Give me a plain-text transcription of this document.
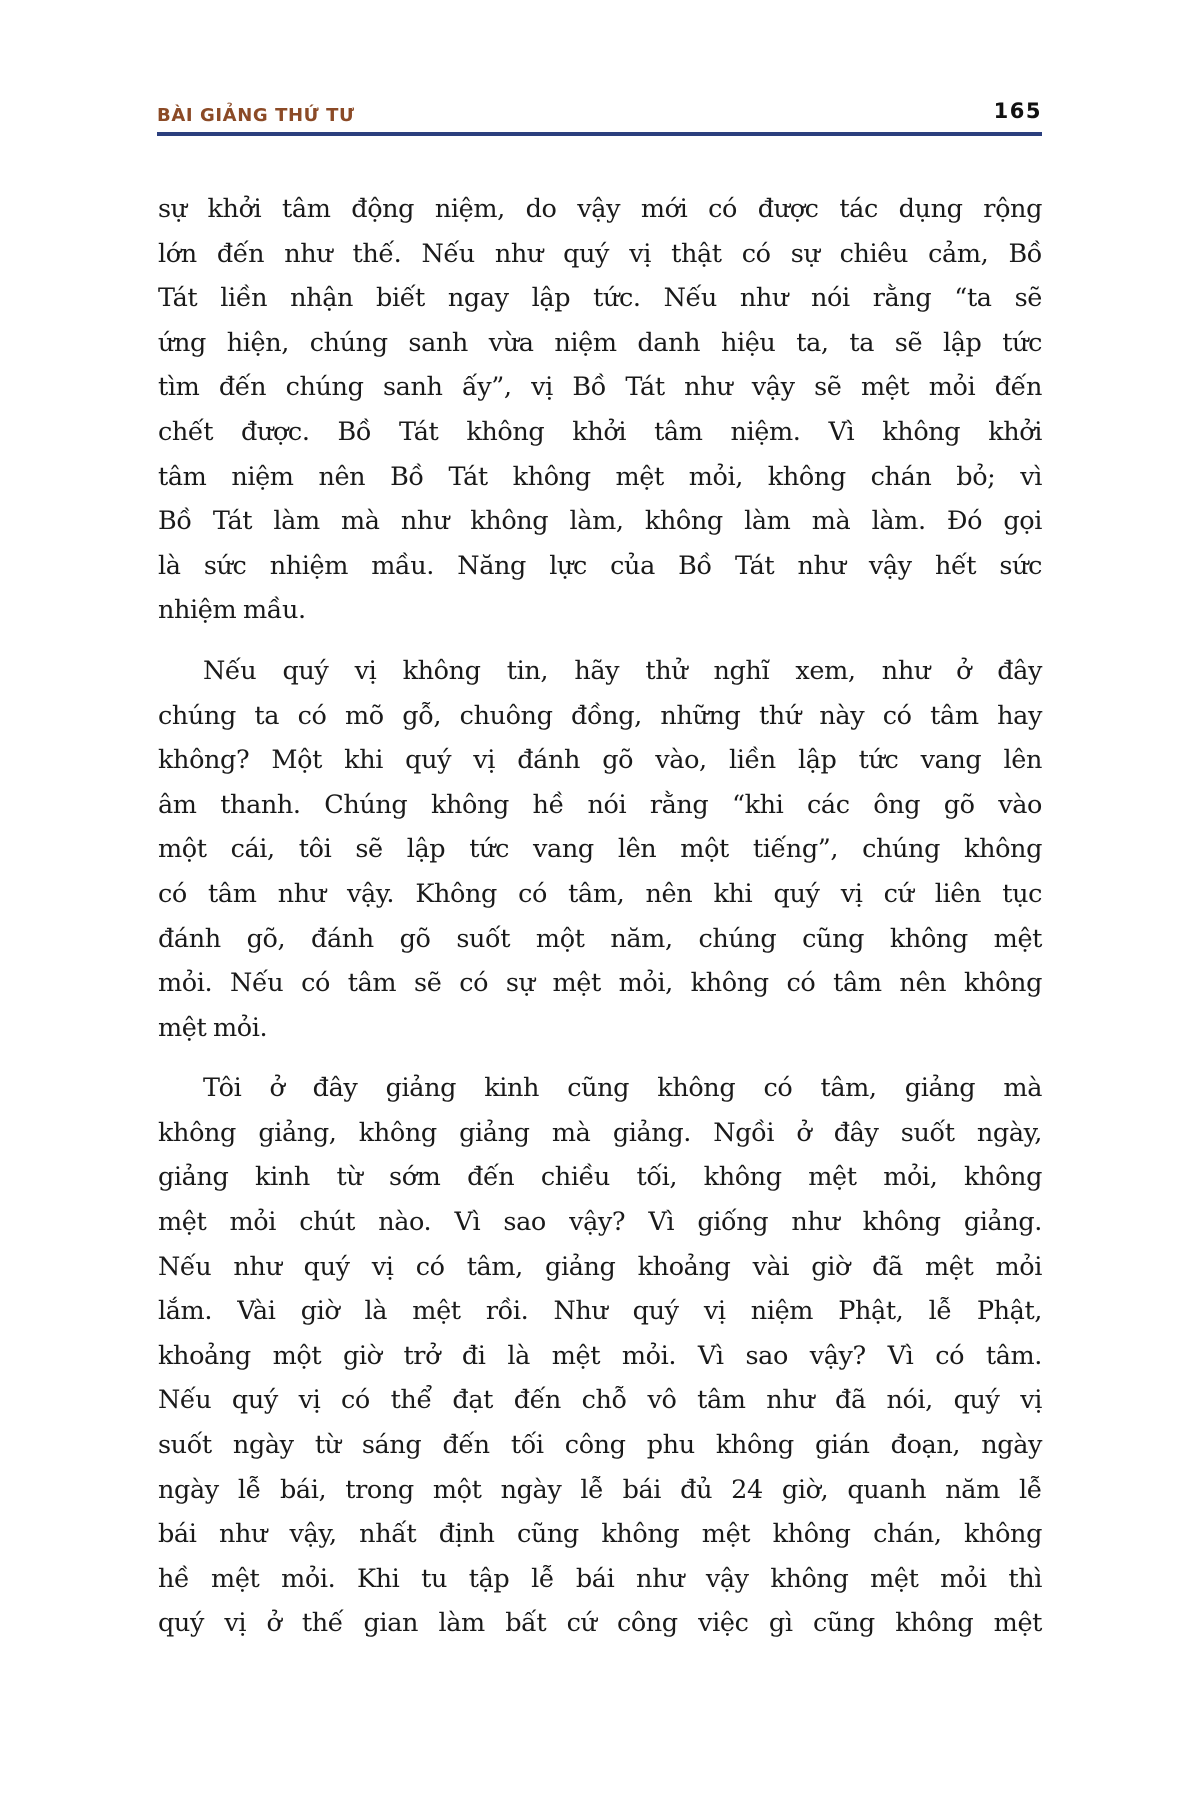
BÀI GIẢNG THỨ TƯ	165
sự khởi tâm động niệm, do vậy mới có được tác dụng rộng
lớn đến như thế. Nếu như quý vị thật có sự chiêu cảm, Bồ
Tát liền nhận biết ngay lập tức. Nếu như nói rằng “ta sẽ
ứng hiện, chúng sanh vừa niệm danh hiệu ta, ta sẽ lập tức
tìm đến chúng sanh ấy”, vị Bồ Tát như vậy sẽ mệt mỏi đến
chết được. Bồ Tát không khởi tâm niệm. Vì không khởi
tâm niệm nên Bồ Tát không mệt mỏi, không chán bỏ; vì
Bồ Tát làm mà như không làm, không làm mà làm. Đó gọi
là sức nhiệm mầu. Năng lực của Bồ Tát như vậy hết sức
nhiệm mầu.
Nếu quý vị không tin, hãy thử nghĩ xem, như ở đây
chúng ta có mõ gỗ, chuông đồng, những thứ này có tâm hay
không? Một khi quý vị đánh gõ vào, liền lập tức vang lên
âm thanh. Chúng không hề nói rằng “khi các ông gõ vào
một cái, tôi sẽ lập tức vang lên một tiếng”, chúng không
có tâm như vậy. Không có tâm, nên khi quý vị cứ liên tục
đánh gõ, đánh gõ suốt một năm, chúng cũng không mệt
mỏi. Nếu có tâm sẽ có sự mệt mỏi, không có tâm nên không
mệt mỏi.
Tôi ở đây giảng kinh cũng không có tâm, giảng mà
không giảng, không giảng mà giảng. Ngồi ở đây suốt ngày,
giảng kinh từ sớm đến chiều tối, không mệt mỏi, không
mệt mỏi chút nào. Vì sao vậy? Vì giống như không giảng.
Nếu như quý vị có tâm, giảng khoảng vài giờ đã mệt mỏi
lắm. Vài giờ là mệt rồi. Như quý vị niệm Phật, lễ Phật,
khoảng một giờ trở đi là mệt mỏi. Vì sao vậy? Vì có tâm.
Nếu quý vị có thể đạt đến chỗ vô tâm như đã nói, quý vị
suốt ngày từ sáng đến tối công phu không gián đoạn, ngày
ngày lễ bái, trong một ngày lễ bái đủ 24 giờ, quanh năm lễ
bái như vậy, nhất định cũng không mệt không chán, không
hề mệt mỏi. Khi tu tập lễ bái như vậy không mệt mỏi thì
quý vị ở thế gian làm bất cứ công việc gì cũng không mệt
